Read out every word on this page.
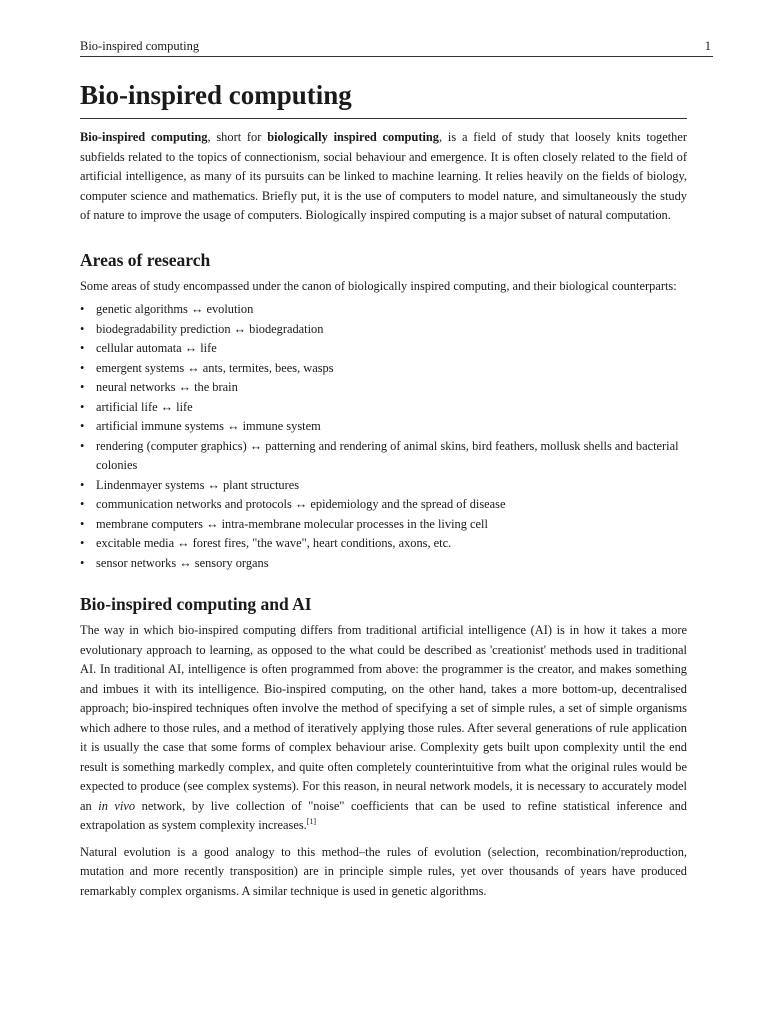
Bio-inspired computing	1
Bio-inspired computing

Bio-inspired computing, short for biologically inspired computing, is a field of study that loosely knits together subfields related to the topics of connectionism, social behaviour and emergence. It is often closely related to the field of artificial intelligence, as many of its pursuits can be linked to machine learning. It relies heavily on the fields of biology, computer science and mathematics. Briefly put, it is the use of computers to model nature, and simultaneously the study of nature to improve the usage of computers. Biologically inspired computing is a major subset of natural computation.

Areas of research

Some areas of study encompassed under the canon of biologically inspired computing, and their biological counterparts:

• genetic algorithms ↔ evolution
• biodegradability prediction ↔ biodegradation
• cellular automata ↔ life
• emergent systems ↔ ants, termites, bees, wasps
• neural networks ↔ the brain
• artificial life ↔ life
• artificial immune systems ↔ immune system
• rendering (computer graphics) ↔ patterning and rendering of animal skins, bird feathers, mollusk shells and bacterial colonies
• Lindenmayer systems ↔ plant structures
• communication networks and protocols ↔ epidemiology and the spread of disease
• membrane computers ↔ intra-membrane molecular processes in the living cell
• excitable media ↔ forest fires, "the wave", heart conditions, axons, etc.
• sensor networks ↔ sensory organs
Bio-inspired computing and AI

The way in which bio-inspired computing differs from traditional artificial intelligence (AI) is in how it takes a more evolutionary approach to learning, as opposed to the what could be described as 'creationist' methods used in traditional AI. In traditional AI, intelligence is often programmed from above: the programmer is the creator, and makes something and imbues it with its intelligence. Bio-inspired computing, on the other hand, takes a more bottom-up, decentralised approach; bio-inspired techniques often involve the method of specifying a set of simple rules, a set of simple organisms which adhere to those rules, and a method of iteratively applying those rules. After several generations of rule application it is usually the case that some forms of complex behaviour arise. Complexity gets built upon complexity until the end result is something markedly complex, and quite often completely counterintuitive from what the original rules would be expected to produce (see complex systems). For this reason, in neural network models, it is necessary to accurately model an in vivo network, by live collection of "noise" coefficients that can be used to refine statistical inference and extrapolation as system complexity increases.[1]

Natural evolution is a good analogy to this method–the rules of evolution (selection, recombination/reproduction, mutation and more recently transposition) are in principle simple rules, yet over thousands of years have produced remarkably complex organisms. A similar technique is used in genetic algorithms.
